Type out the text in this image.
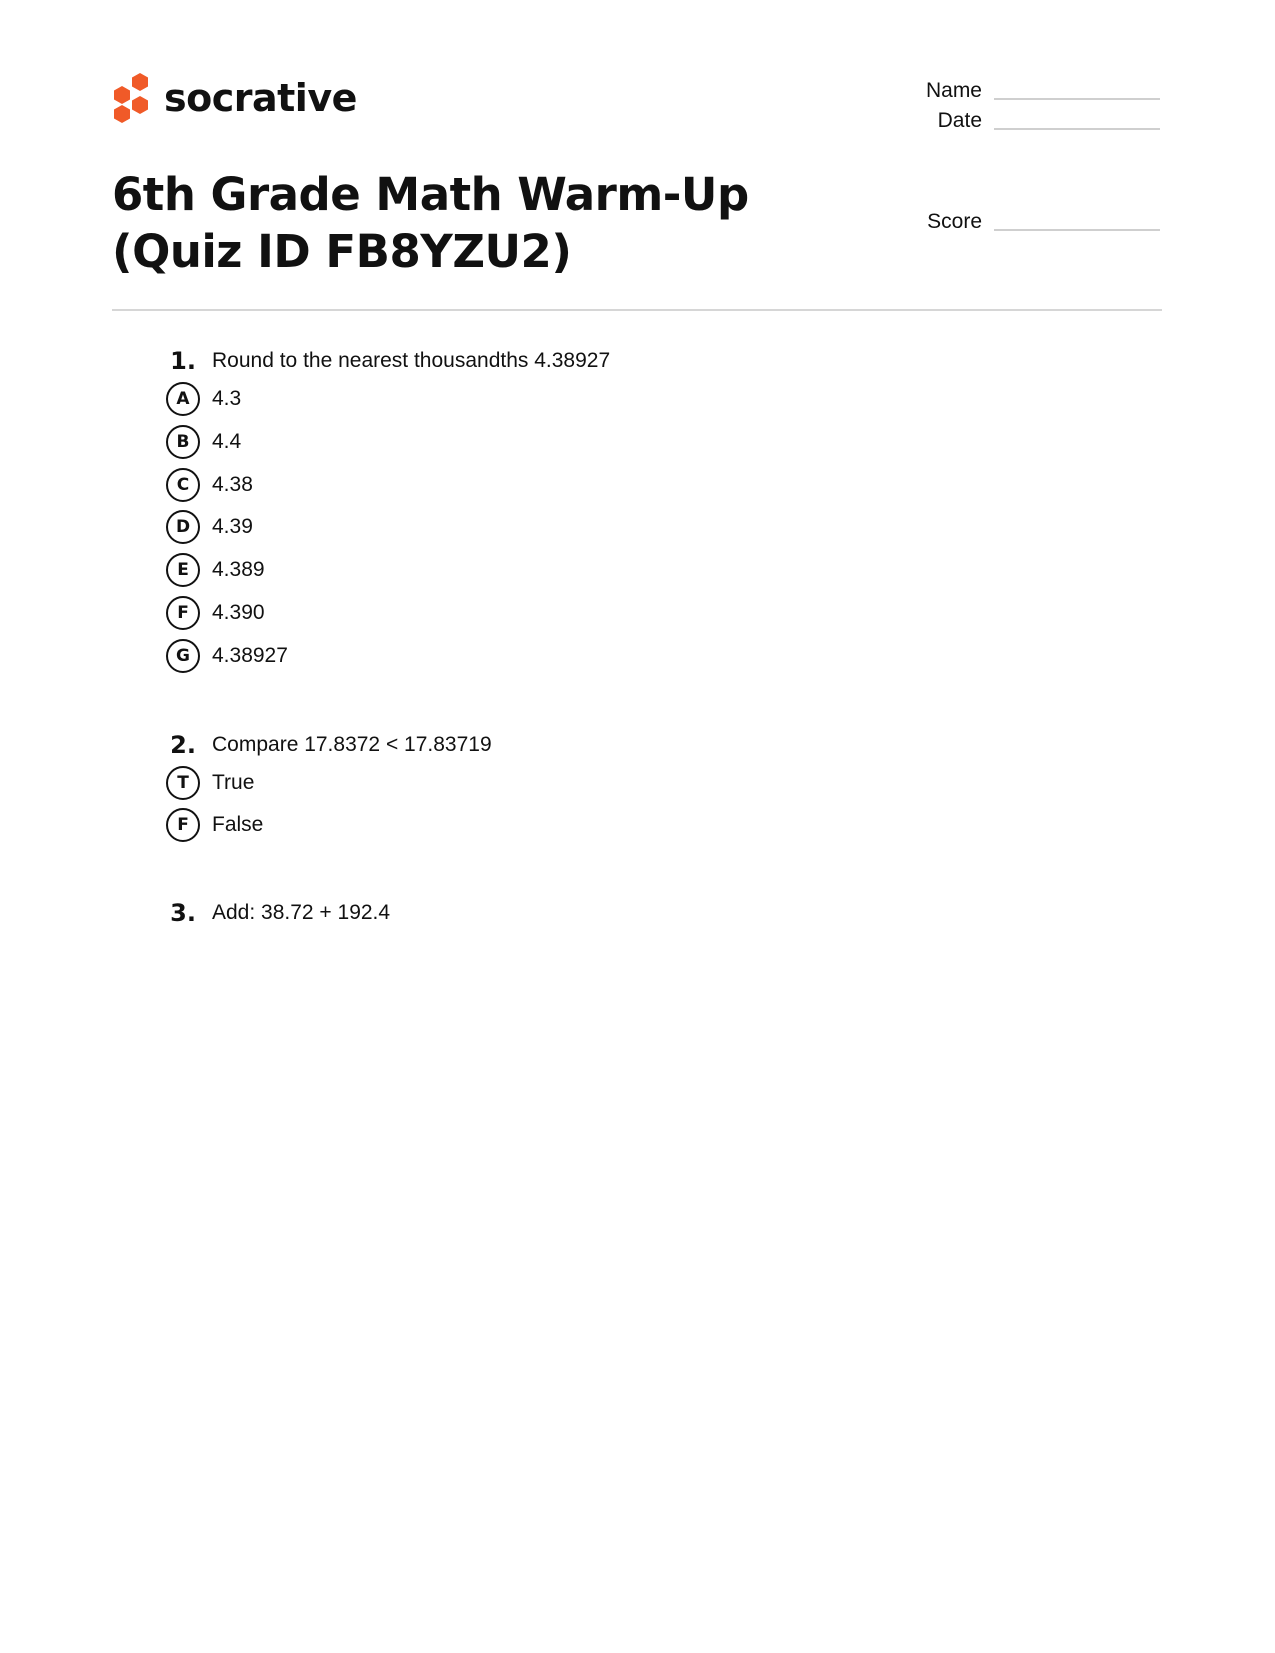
socrative	Name
Date
Score
6th Grade Math Warm-Up (Quiz ID FB8YZU2)
1. Round to the nearest thousandths 4.38927
A	4.3
B	4.4
C	4.38
D	4.39
E	4.389
F	4.390
G	4.38927
2. Compare 17.8372 < 17.83719
T	True
F	False
3. Add: 38.72 + 192.4
